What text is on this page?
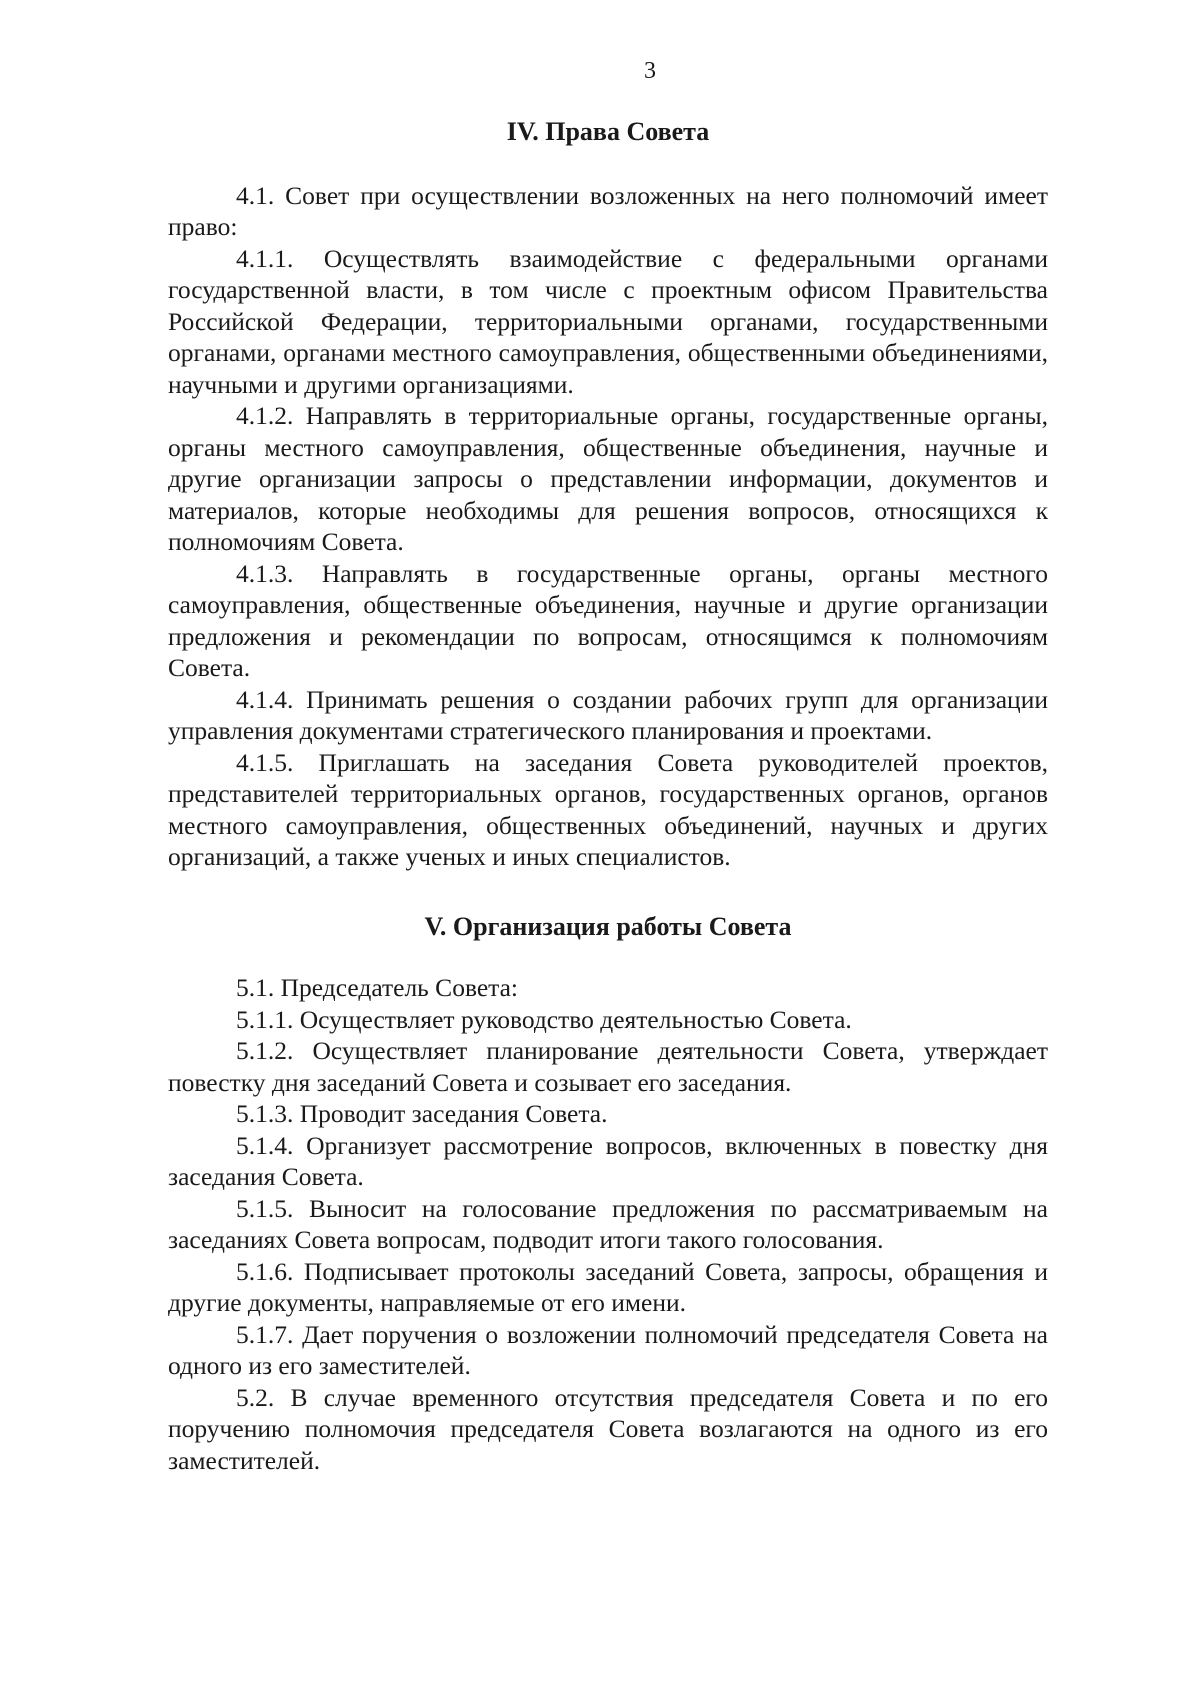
3
IV. Права Совета

4.1. Совет при осуществлении возложенных на него полномочий имеет право:

4.1.1. Осуществлять взаимодействие с федеральными органами государственной власти, в том числе с проектным офисом Правительства Российской Федерации, территориальными органами, государственными органами, органами местного самоуправления, общественными объединениями, научными и другими организациями.

4.1.2. Направлять в территориальные органы, государственные органы, органы местного самоуправления, общественные объединения, научные и другие организации запросы о представлении информации, документов и материалов, которые необходимы для решения вопросов, относящихся к полномочиям Совета.

4.1.3. Направлять в государственные органы, органы местного самоуправления, общественные объединения, научные и другие организации предложения и рекомендации по вопросам, относящимся к полномочиям Совета.

4.1.4. Принимать решения о создании рабочих групп для организации управления документами стратегического планирования и проектами.

4.1.5. Приглашать на заседания Совета руководителей проектов, представителей территориальных органов, государственных органов, органов местного самоуправления, общественных объединений, научных и других организаций, а также ученых и иных специалистов.

V. Организация работы Совета

5.1. Председатель Совета:

5.1.1. Осуществляет руководство деятельностью Совета.

5.1.2. Осуществляет планирование деятельности Совета, утверждает повестку дня заседаний Совета и созывает его заседания.

5.1.3. Проводит заседания Совета.

5.1.4. Организует рассмотрение вопросов, включенных в повестку дня заседания Совета.

5.1.5. Выносит на голосование предложения по рассматриваемым на заседаниях Совета вопросам, подводит итоги такого голосования.

5.1.6. Подписывает протоколы заседаний Совета, запросы, обращения и другие документы, направляемые от его имени.

5.1.7. Дает поручения о возложении полномочий председателя Совета на одного из его заместителей.

5.2. В случае временного отсутствия председателя Совета и по его поручению полномочия председателя Совета возлагаются на одного из его заместителей.
